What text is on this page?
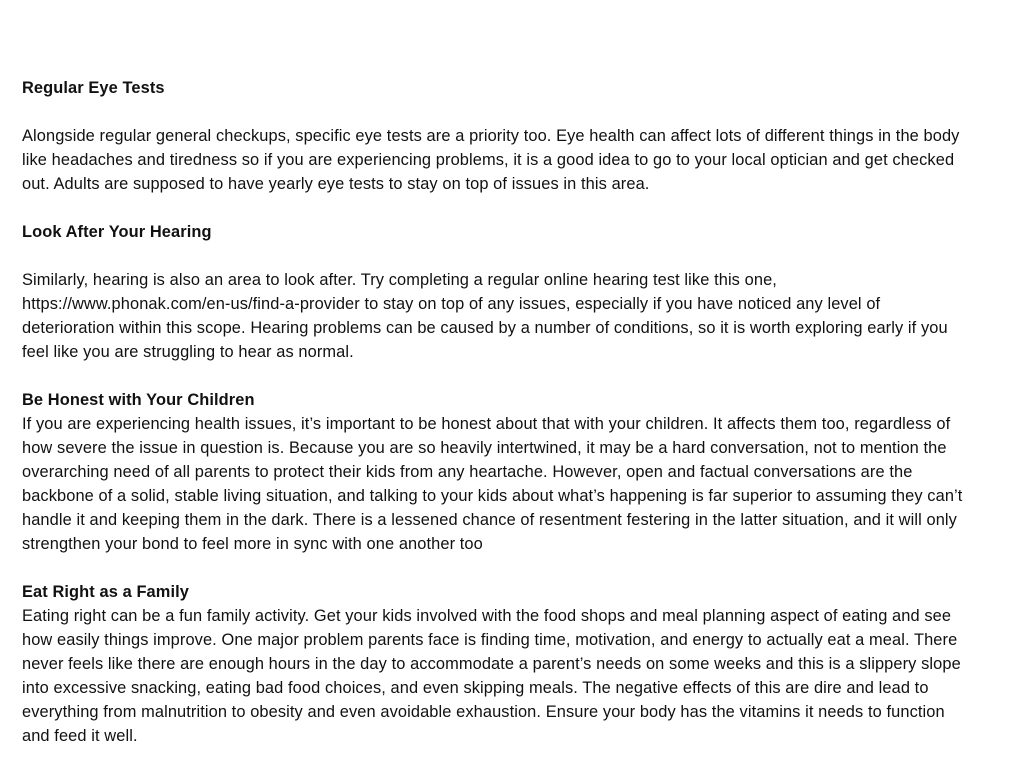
Regular Eye Tests

Alongside regular general checkups, specific eye tests are a priority too. Eye health can affect lots of different things in the body like headaches and tiredness so if you are experiencing problems, it is a good idea to go to your local optician and get checked out. Adults are supposed to have yearly eye tests to stay on top of issues in this area.

Look After Your Hearing

Similarly, hearing is also an area to look after. Try completing a regular online hearing test like this one, https://www.phonak.com/en-us/find-a-provider to stay on top of any issues, especially if you have noticed any level of deterioration within this scope. Hearing problems can be caused by a number of conditions, so it is worth exploring early if you feel like you are struggling to hear as normal.

Be Honest with Your Children

If you are experiencing health issues, it’s important to be honest about that with your children. It affects them too, regardless of how severe the issue in question is. Because you are so heavily intertwined, it may be a hard conversation, not to mention the overarching need of all parents to protect their kids from any heartache. However, open and factual conversations are the backbone of a solid, stable living situation, and talking to your kids about what’s happening is far superior to assuming they can’t handle it and keeping them in the dark. There is a lessened chance of resentment festering in the latter situation, and it will only strengthen your bond to feel more in sync with one another too

Eat Right as a Family

Eating right can be a fun family activity. Get your kids involved with the food shops and meal planning aspect of eating and see how easily things improve. One major problem parents face is finding time, motivation, and energy to actually eat a meal. There never feels like there are enough hours in the day to accommodate a parent’s needs on some weeks and this is a slippery slope into excessive snacking, eating bad food choices, and even skipping meals. The negative effects of this are dire and lead to everything from malnutrition to obesity and even avoidable exhaustion. Ensure your body has the vitamins it needs to function and feed it well.
